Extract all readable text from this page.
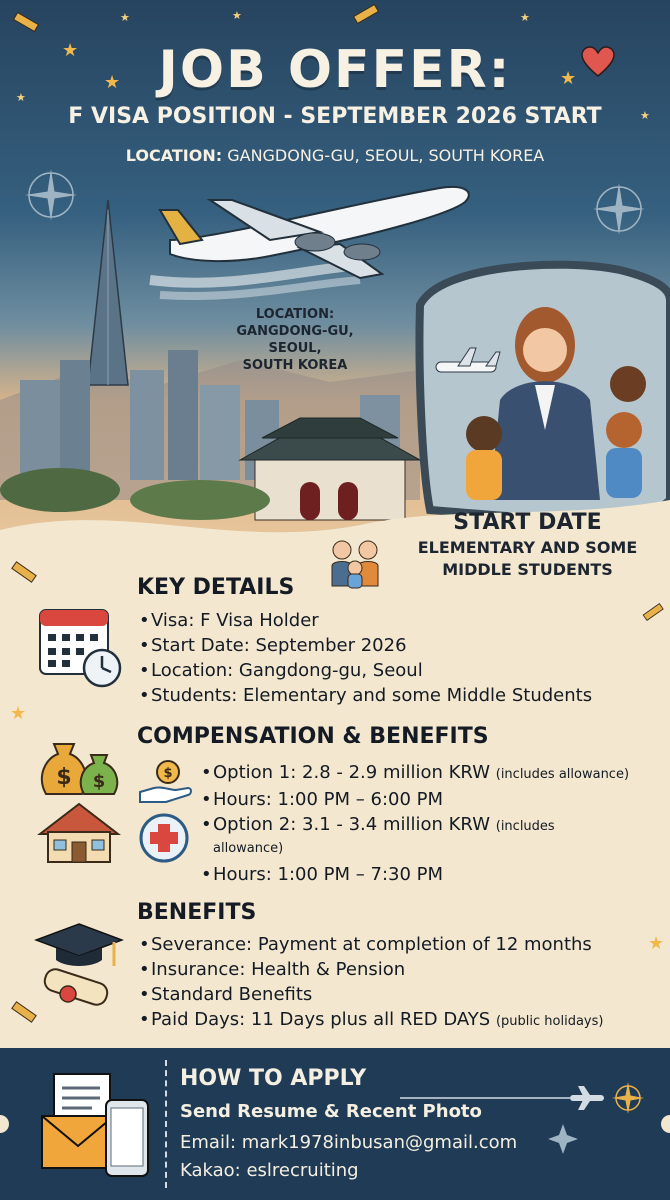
★
★
★	★
★
★
★
★ JOB OFFER:

F VISA POSITION - SEPTEMBER 2026 START

LOCATION: GANGDONG-GU, SEOUL, SOUTH KOREA
LOCATION:
GANGDONG-GU, SEOUL,
SOUTH KOREA
START DATE

ELEMENTARY AND SOME

MIDDLE STUDENTS

★
★
KEY DETAILS
•Visa: F Visa Holder
•Start Date: September 2026
•Location: Gangdong-gu, Seoul
•Students: Elementary and some Middle Students
COMPENSATION & BENEFITS
$ $	$ •Option 1: 2.8 - 2.9 million KRW (includes allowance)
•Hours: 1:00 PM – 6:00 PM
•Option 2: 3.1 - 3.4 million KRW (includes
allowance)
•Hours: 1:00 PM – 7:30 PM
BENEFITS
•Severance: Payment at completion of 12 months
•Insurance: Health & Pension
•Standard Benefits
•Paid Days: 11 Days plus all RED DAYS (public holidays)
HOW TO APPLY
Send Resume & Recent Photo
Email: mark1978inbusan@gmail.com
Kakao: eslrecruiting
